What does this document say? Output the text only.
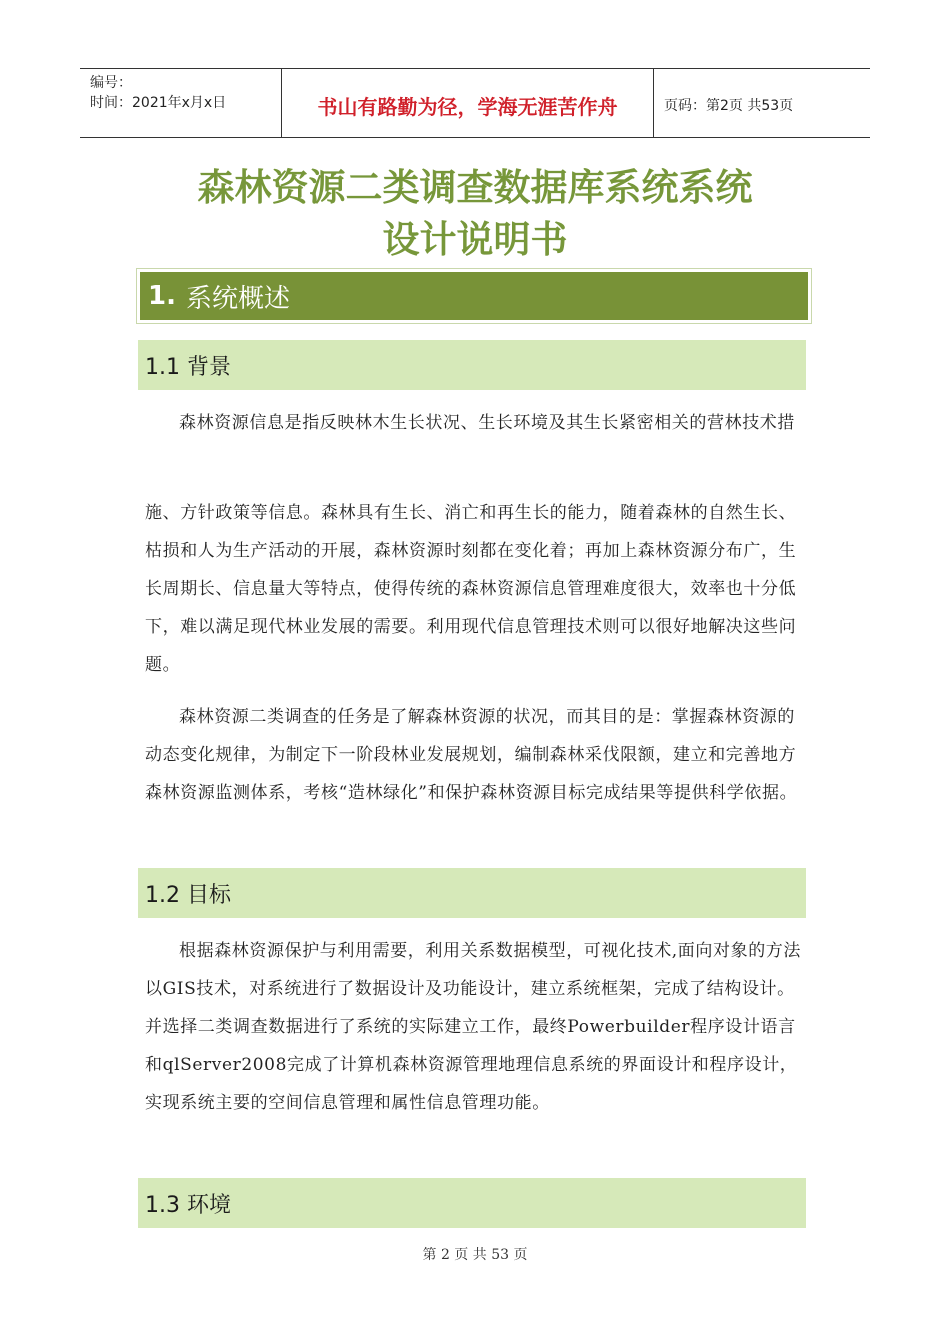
编号：
时间：2021年x月x日	书山有路勤为径，学海无涯苦作舟	页码：第2页 共53页
森林资源二类调查数据库系统系统
设计说明书
1. 系统概述
1.1 背景
森林资源信息是指反映林木生长状况、生长环境及其生长紧密相关的营林技术措
施、方针政策等信息。森林具有生长、消亡和再生长的能力，随着森林的自然生长、枯损和人为生产活动的开展，森林资源时刻都在变化着；再加上森林资源分布广，生长周期长、信息量大等特点，使得传统的森林资源信息管理难度很大，效率也十分低下，难以满足现代林业发展的需要。利用现代信息管理技术则可以很好地解决这些问题。
森林资源二类调查的任务是了解森林资源的状况，而其目的是：掌握森林资源的动态变化规律，为制定下一阶段林业发展规划，编制森林采伐限额，建立和完善地方森林资源监测体系，考核“造林绿化”和保护森林资源目标完成结果等提供科学依据。
1.2 目标
根据森林资源保护与利用需要，利用关系数据模型，可视化技术,面向对象的方法以GIS技术，对系统进行了数据设计及功能设计，建立系统框架，完成了结构设计。并选择二类调查数据进行了系统的实际建立工作，最终Powerbuilder程序设计语言和qlServer2008完成了计算机森林资源管理地理信息系统的界面设计和程序设计，实现系统主要的空间信息管理和属性信息管理功能。
1.3 环境
第 2 页 共 53 页
